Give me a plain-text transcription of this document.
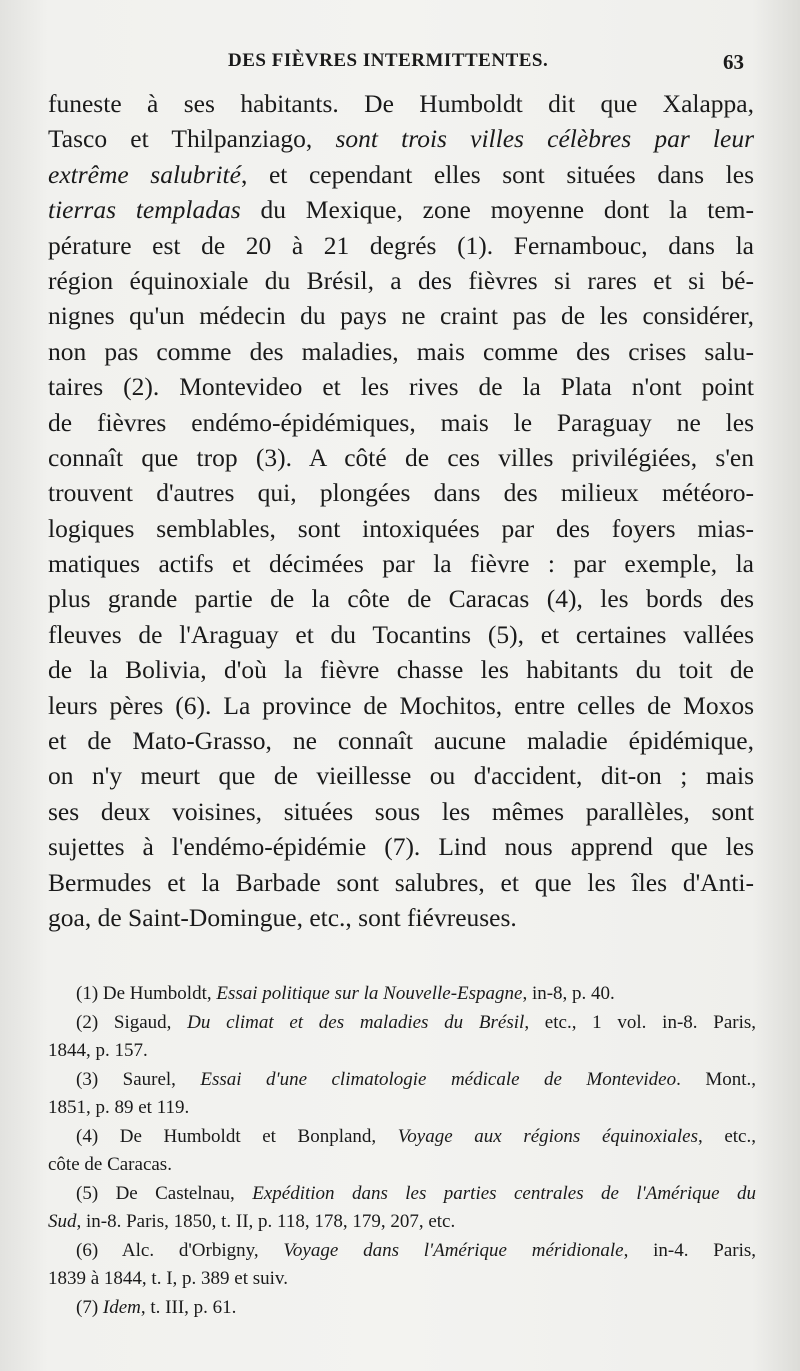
DES FIÈVRES INTERMITTENTES.	63
funeste à ses habitants. De Humboldt dit que Xalappa,
Tasco et Thilpanziago, sont trois villes célèbres par leur
extrême salubrité, et cependant elles sont situées dans les
tierras templadas du Mexique, zone moyenne dont la tem-
pérature est de 20 à 21 degrés (1). Fernambouc, dans la
région équinoxiale du Brésil, a des fièvres si rares et si bé-
nignes qu'un médecin du pays ne craint pas de les considérer,
non pas comme des maladies, mais comme des crises salu-
taires (2). Montevideo et les rives de la Plata n'ont point
de fièvres endémo-épidémiques, mais le Paraguay ne les
connaît que trop (3). A côté de ces villes privilégiées, s'en
trouvent d'autres qui, plongées dans des milieux météoro-
logiques semblables, sont intoxiquées par des foyers mias-
matiques actifs et décimées par la fièvre : par exemple, la
plus grande partie de la côte de Caracas (4), les bords des
fleuves de l'Araguay et du Tocantins (5), et certaines vallées
de la Bolivia, d'où la fièvre chasse les habitants du toit de
leurs pères (6). La province de Mochitos, entre celles de Moxos
et de Mato-Grasso, ne connaît aucune maladie épidémique,
on n'y meurt que de vieillesse ou d'accident, dit-on ; mais
ses deux voisines, situées sous les mêmes parallèles, sont
sujettes à l'endémo-épidémie (7). Lind nous apprend que les
Bermudes et la Barbade sont salubres, et que les îles d'Anti-
goa, de Saint-Domingue, etc., sont fiévreuses.
(1) De Humboldt, Essai politique sur la Nouvelle-Espagne, in-8, p. 40.
(2) Sigaud, Du climat et des maladies du Brésil, etc., 1 vol. in-8. Paris,
1844, p. 157.
(3) Saurel, Essai d'une climatologie médicale de Montevideo. Mont.,
1851, p. 89 et 119.
(4) De Humboldt et Bonpland, Voyage aux régions équinoxiales, etc.,
côte de Caracas.
(5) De Castelnau, Expédition dans les parties centrales de l'Amérique du
Sud, in-8. Paris, 1850, t. II, p. 118, 178, 179, 207, etc.
(6) Alc. d'Orbigny, Voyage dans l'Amérique méridionale, in-4. Paris,
1839 à 1844, t. I, p. 389 et suiv.
(7) Idem, t. III, p. 61.
